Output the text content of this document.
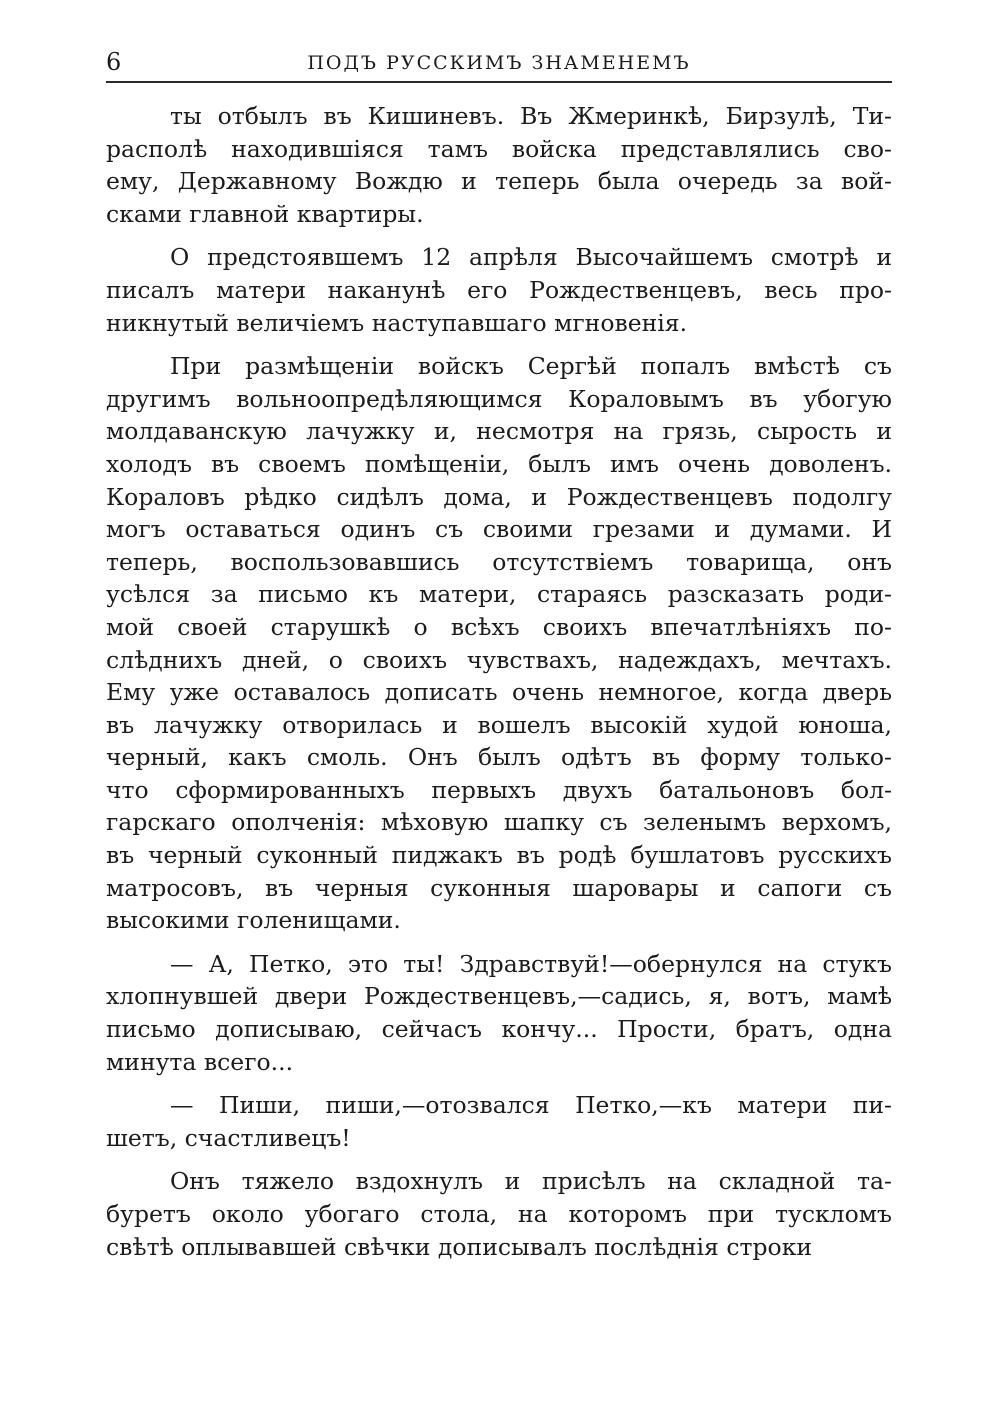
6	ПОДЪ РУССКИМЪ ЗНАМЕНЕМЪ

ты отбылъ въ Кишиневъ. Въ Жмеринкѣ, Бирзулѣ, Ти-
располѣ находившiяся тамъ войска представлялись сво-
ему, Державному Вождю и теперь была очередь за вой-
сками главной квартиры.

О предстоявшемъ 12 апрѣля Высочайшемъ смотрѣ и
писалъ матери наканунѣ его Рождественцевъ, весь про-
никнутый величiемъ наступавшаго мгновенiя.

При размѣщенiи войскъ Сергѣй попалъ вмѣстѣ съ
другимъ вольноопредѣляющимся Кораловымъ въ убогую
молдаванскую лачужку и, несмотря на грязь, сырость и
холодъ въ своемъ помѣщенiи, былъ имъ очень доволенъ.
Кораловъ рѣдко сидѣлъ дома, и Рождественцевъ подолгу
могъ оставаться одинъ съ своими грезами и думами. И
теперь, воспользовавшись отсутствiемъ товарища, онъ
усѣлся за письмо къ матери, стараясь разсказать роди-
мой своей старушкѣ о всѣхъ своихъ впечатлѣнiяхъ по-
слѣднихъ дней, о своихъ чувствахъ, надеждахъ, мечтахъ.
Ему уже оставалось дописать очень немногое, когда дверь
въ лачужку отворилась и вошелъ высокiй худой юноша,
черный, какъ смоль. Онъ былъ одѣтъ въ форму только-
что сформированныхъ первыхъ двухъ батальоновъ бол-
гарскаго ополченiя: мѣховую шапку съ зеленымъ верхомъ,
въ черный суконный пиджакъ въ родѣ бушлатовъ русскихъ
матросовъ, въ черныя суконныя шаровары и сапоги съ
высокими голенищами.

— А, Петко, это ты! Здравствуй!—обернулся на стукъ
хлопнувшей двери Рождественцевъ,—садись, я, вотъ, мамѣ
письмо дописываю, сейчасъ кончу... Прости, братъ, одна
минута всего...

— Пиши, пиши,—отозвался Петко,—къ матери пи-
шетъ, счастливецъ!

Онъ тяжело вздохнулъ и присѣлъ на складной та-
буретъ около убогаго стола, на которомъ при тускломъ
свѣтѣ оплывавшей свѣчки дописывалъ послѣднiя строки
